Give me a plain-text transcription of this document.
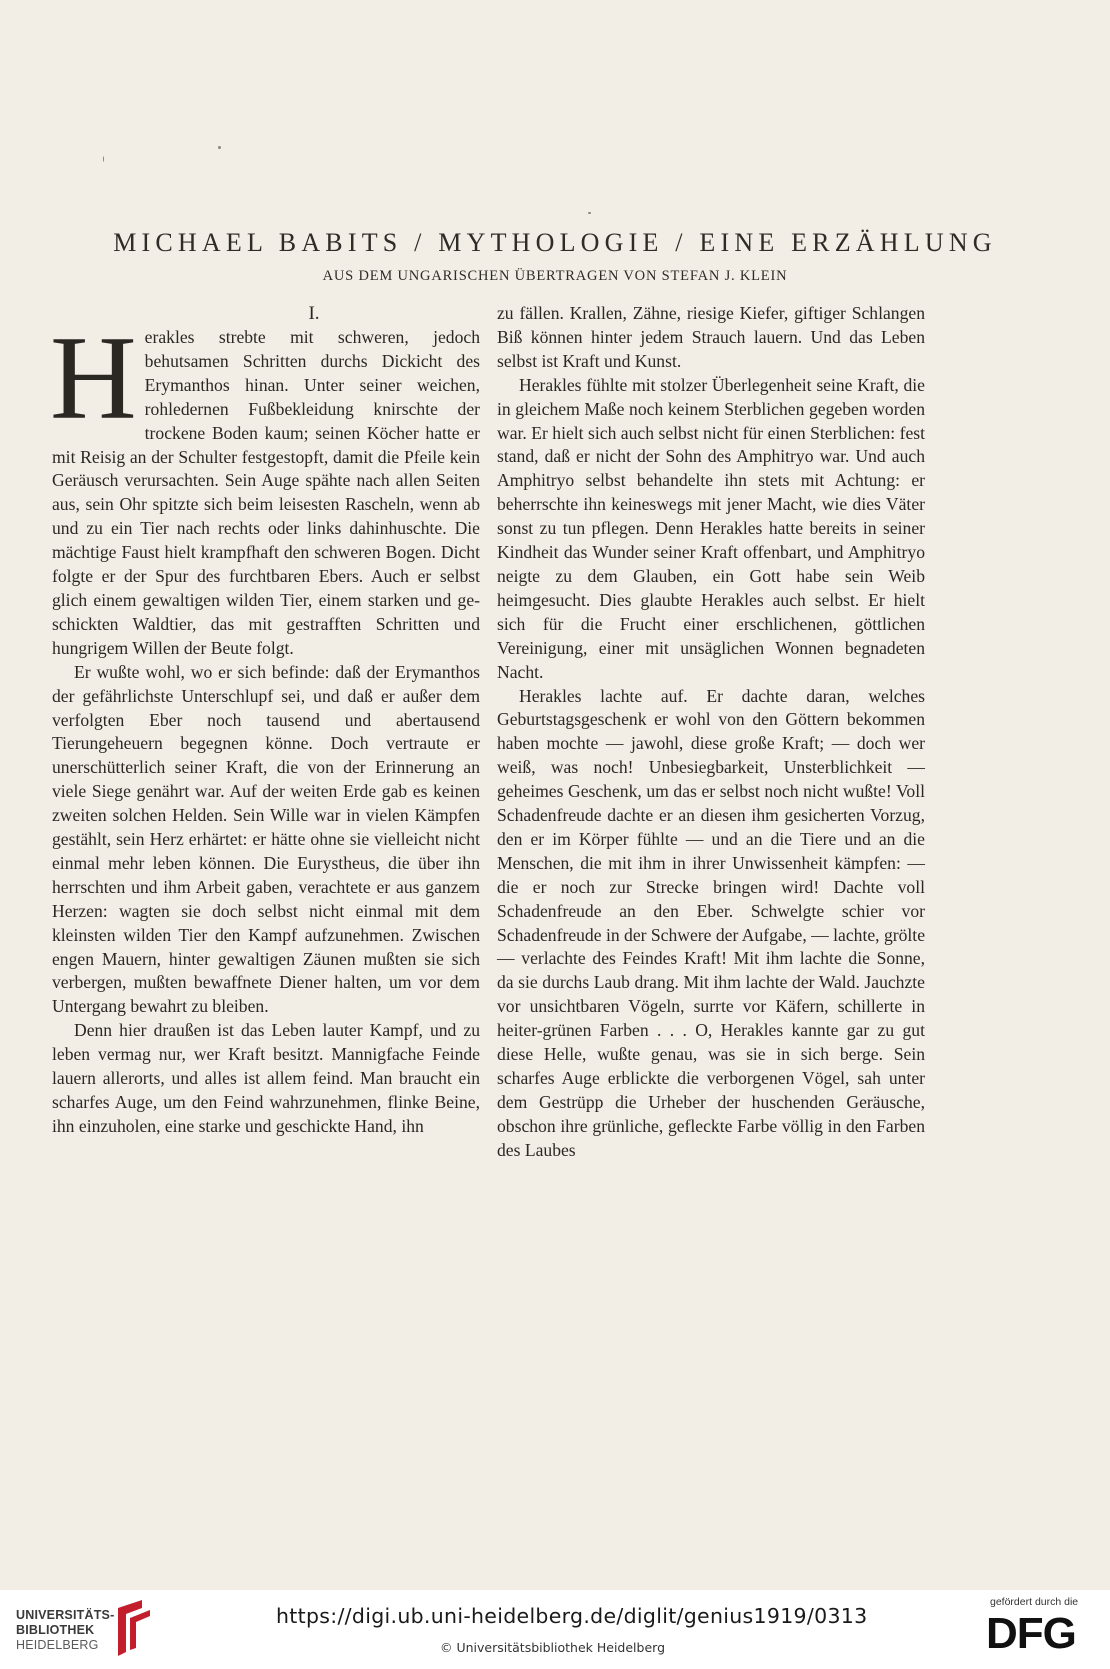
MICHAEL BABITS / MYTHOLOGIE / EINE ERZÄHLUNG
AUS DEM UNGARISCHEN ÜBERTRAGEN VON STEFAN J. KLEIN
I.

Herakles strebte mit schweren, jedoch behutsamen Schritten durchs Dickicht des Erymanthos hinan. Unter seiner weichen, rohledernen Fußbekleidung knirschte der trockene Boden kaum; seinen Köcher hatte er mit Reisig an der Schulter festgestopft, damit die Pfeile kein Geräusch verursachten. Sein Auge spähte nach allen Seiten aus, sein Ohr spitzte sich beim leisesten Rascheln, wenn ab und zu ein Tier nach rechts oder links dahinhuschte. Die mächtige Faust hielt krampfhaft den schweren Bogen. Dicht folgte er der Spur des furchtbaren Ebers. Auch er selbst glich einem gewaltigen wilden Tier, einem starken und geschickten Waldtier, das mit gestrafften Schritten und hungrigem Willen der Beute folgt.

Er wußte wohl, wo er sich befinde: daß der Erymanthos der gefährlichste Unterschlupf sei, und daß er außer dem verfolgten Eber noch tausend und abertausend Tierungeheuern begegnen könne. Doch vertraute er unerschütterlich seiner Kraft, die von der Erinnerung an viele Siege genährt war. Auf der weiten Erde gab es keinen zweiten solchen Helden. Sein Wille war in vielen Kämpfen gestählt, sein Herz erhärtet: er hätte ohne sie vielleicht nicht einmal mehr leben können. Die Eurystheus, die über ihn herrschten und ihm Arbeit gaben, verachtete er aus ganzem Herzen: wagten sie doch selbst nicht einmal mit dem kleinsten wilden Tier den Kampf aufzunehmen. Zwischen engen Mauern, hinter gewaltigen Zäunen mußten sie sich verbergen, mußten bewaffnete Diener halten, um vor dem Untergang bewahrt zu bleiben.

Denn hier draußen ist das Leben lauter Kampf, und zu leben vermag nur, wer Kraft besitzt. Mannigfache Feinde lauern allerorts, und alles ist allem feind. Man braucht ein scharfes Auge, um den Feind wahrzunehmen, flinke Beine, ihn einzuholen, eine starke und geschickte Hand, ihn

zu fällen. Krallen, Zähne, riesige Kiefer, giftiger Schlangen Biß können hinter jedem Strauch lauern. Und das Leben selbst ist Kraft und Kunst.

Herakles fühlte mit stolzer Überlegenheit seine Kraft, die in gleichem Maße noch keinem Sterblichen gegeben worden war. Er hielt sich auch selbst nicht für einen Sterblichen: fest stand, daß er nicht der Sohn des Amphitryo war. Und auch Amphitryo selbst behandelte ihn stets mit Achtung: er beherrschte ihn keineswegs mit jener Macht, wie dies Väter sonst zu tun pflegen. Denn Herakles hatte bereits in seiner Kindheit das Wunder seiner Kraft offenbart, und Amphitryo neigte zu dem Glauben, ein Gott habe sein Weib heimgesucht. Dies glaubte Herakles auch selbst. Er hielt sich für die Frucht einer erschlichenen, göttlichen Vereinigung, einer mit unsäglichen Wonnen begnadeten Nacht.

Herakles lachte auf. Er dachte daran, welches Geburtstagsgeschenk er wohl von den Göttern bekommen haben mochte — jawohl, diese große Kraft; — doch wer weiß, was noch! Unbesiegbarkeit, Unsterblichkeit — geheimes Geschenk, um das er selbst noch nicht wußte! Voll Schadenfreude dachte er an diesen ihm gesicherten Vorzug, den er im Körper fühlte — und an die Tiere und an die Menschen, die mit ihm in ihrer Unwissenheit kämpfen: — die er noch zur Strecke bringen wird! Dachte voll Schadenfreude an den Eber. Schwelgte schier vor Schadenfreude in der Schwere der Aufgabe, — lachte, grölte — verlachte des Feindes Kraft! Mit ihm lachte die Sonne, da sie durchs Laub drang. Mit ihm lachte der Wald. Jauchzte vor unsichtbaren Vögeln, surrte vor Käfern, schillerte in heiter-grünen Farben . . . O, Herakles kannte gar zu gut diese Helle, wußte genau, was sie in sich berge. Sein scharfes Auge erblickte die verborgenen Vögel, sah unter dem Gestrüpp die Urheber der huschenden Geräusche, obschon ihre grünliche, gefleckte Farbe völlig in den Farben des Laubes

UNIVERSITÄTS-
BIBLIOTHEK
HEIDELBERG
https://digi.ub.uni-heidelberg.de/diglit/genius1919/0313
© Universitätsbibliothek Heidelberg
gefördert durch die
DFG
